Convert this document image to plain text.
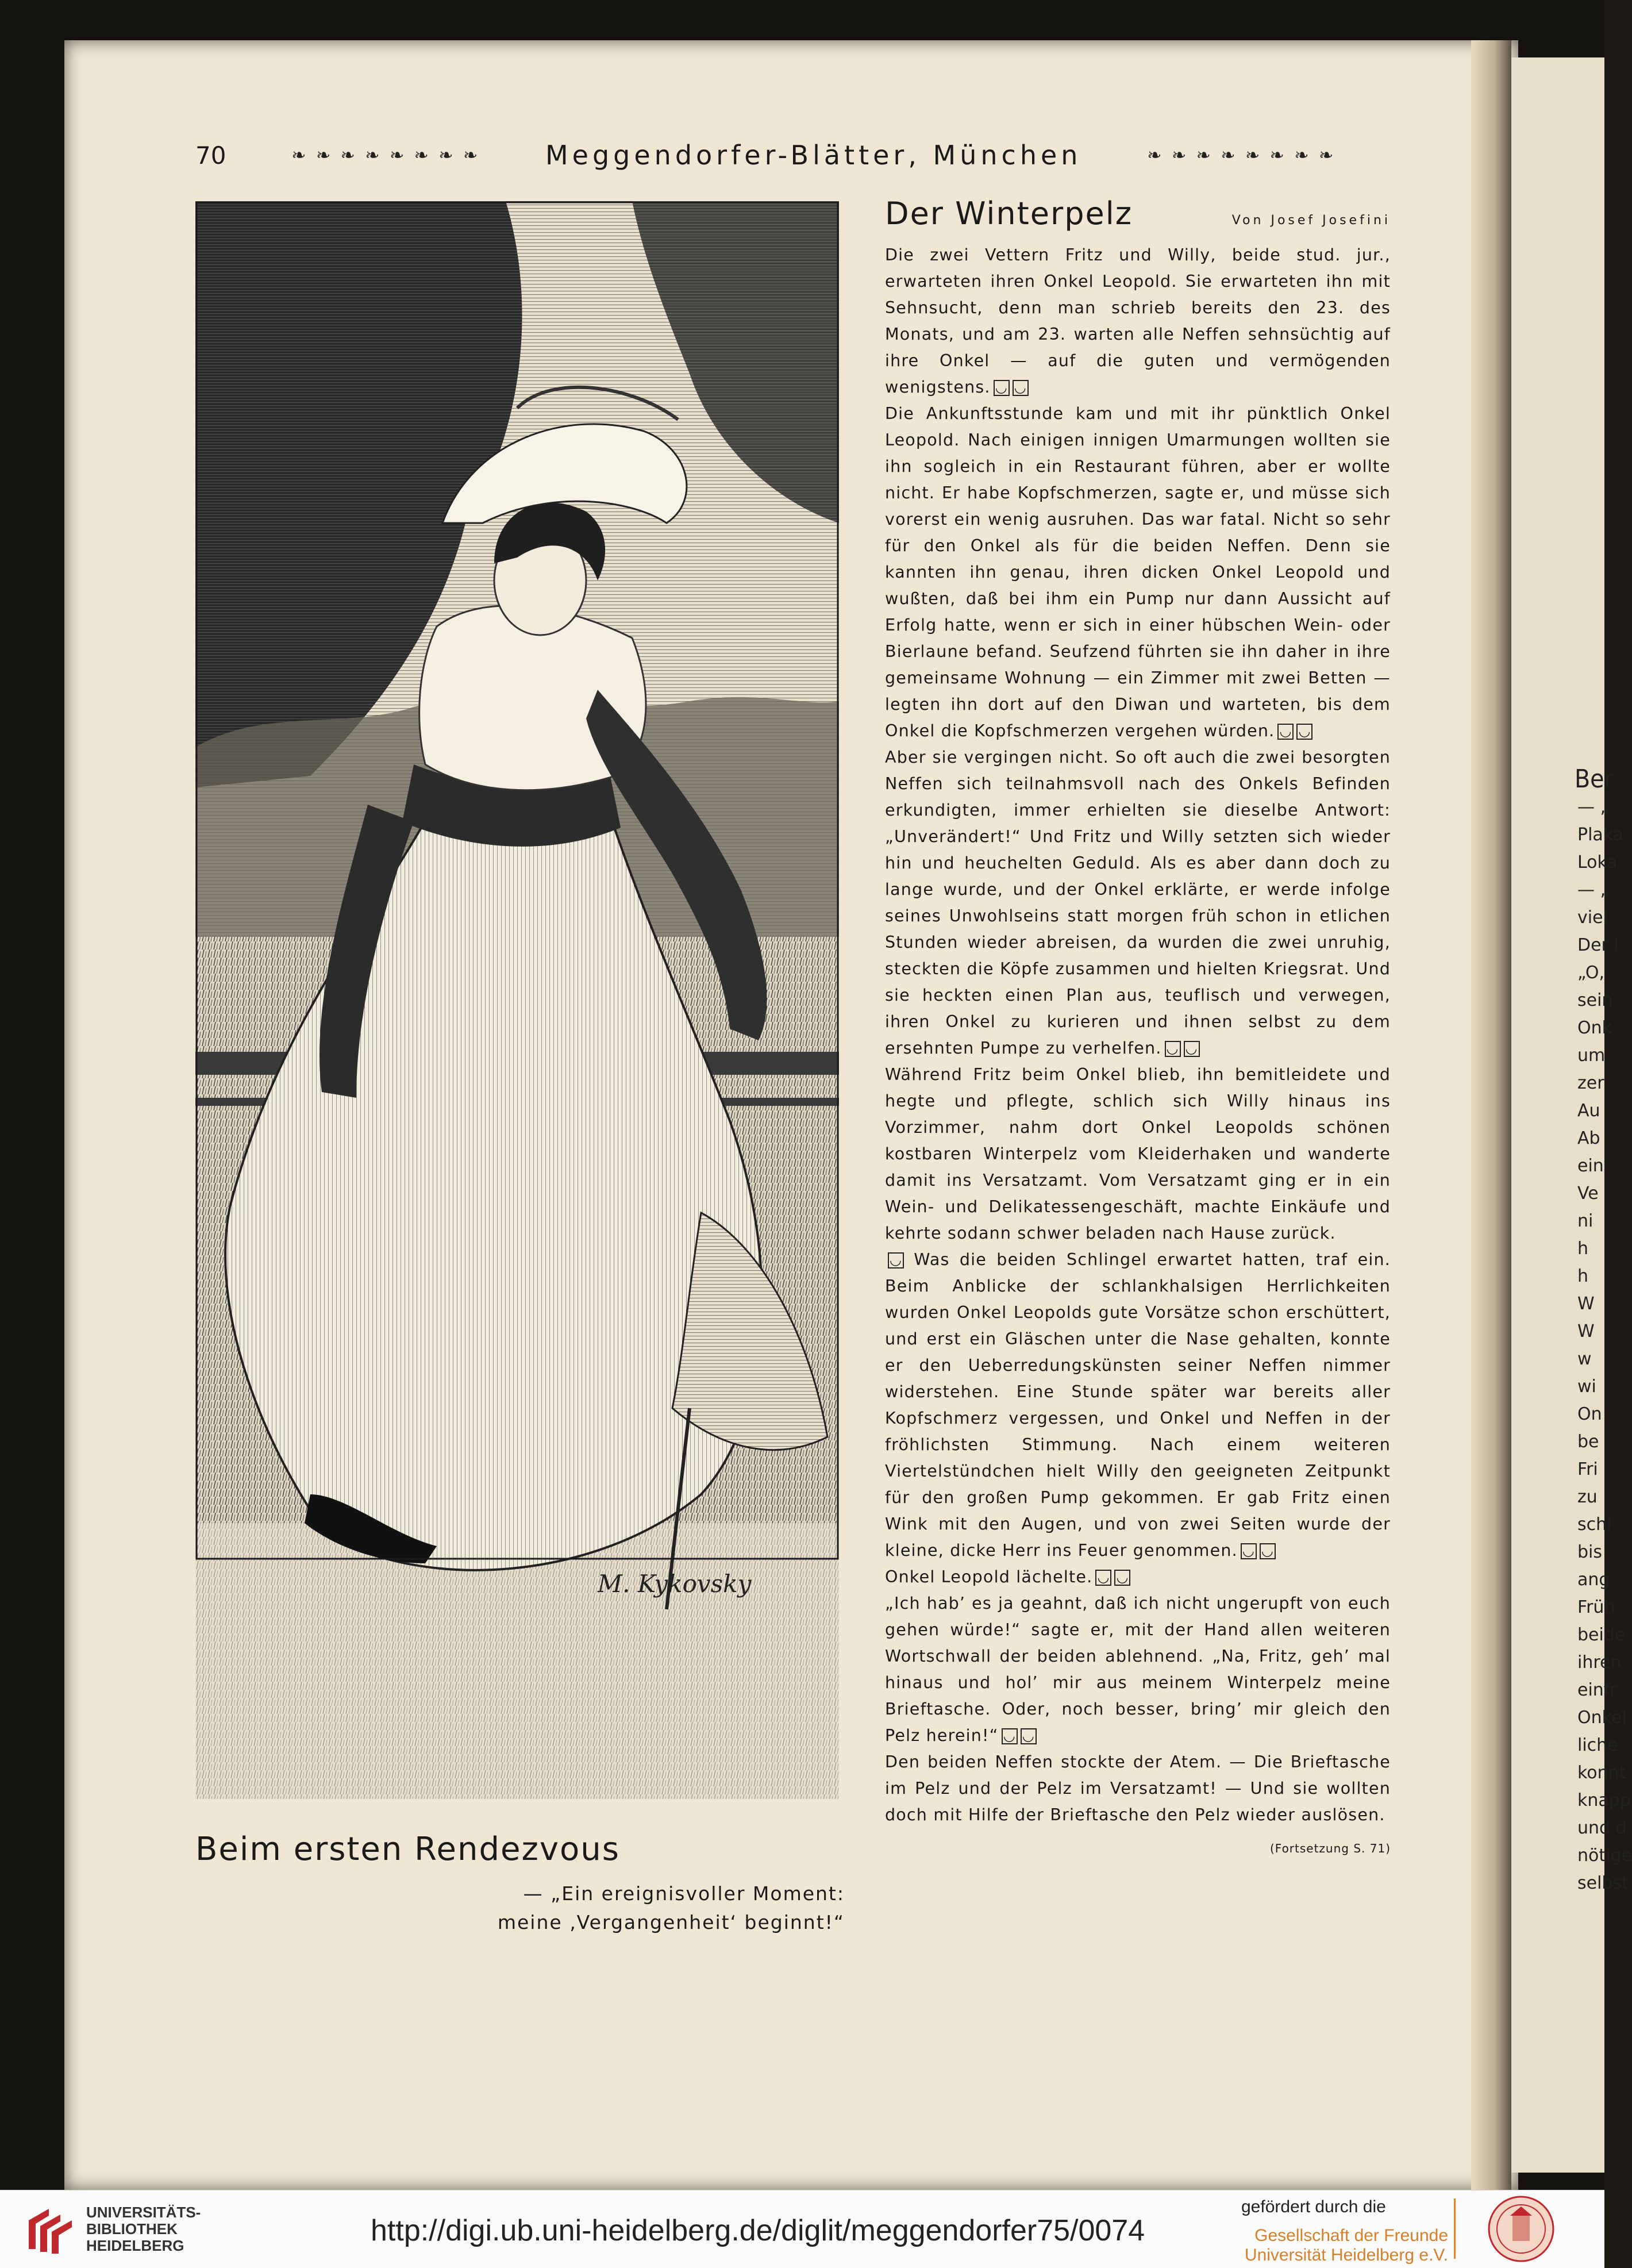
Ber
— „
Plaka
Loka
— „
viel
Der l
„O,
sein
Onk
um
zer
Au
Ab
ein
Ve
ni
h
h
W
W
w
wi
On
be
Fri
zu
schl
bis
ang
Früh
beide
ihren
einfr
Onkel
liche
konnt
knapp
und d
nötige
selbst
70	❧ ❧ ❧ ❧ ❧ ❧ ❧ ❧	Meggendorfer-Blätter, München	❧ ❧ ❧ ❧ ❧ ❧ ❧ ❧
M. Kykovsky
Beim ersten Rendezvous
— „Ein ereignisvoller Moment:
meine ‚Vergangenheit‘ beginnt!“
Der Winterpelz	Von Josef Josefini

Die zwei Vettern Fritz und Willy, beide stud. jur., erwarteten ihren Onkel Leopold. Sie erwarteten ihn mit Sehnsucht, denn man schrieb bereits den 23. des Monats, und am 23. warten alle Neffen sehnsüchtig auf ihre Onkel — auf die guten und vermögenden wenigstens. ◡ ◡

Die Ankunftsstunde kam und mit ihr pünktlich Onkel Leopold. Nach einigen innigen Umarmungen wollten sie ihn sogleich in ein Restaurant führen, aber er wollte nicht. Er habe Kopfschmerzen, sagte er, und müsse sich vorerst ein wenig ausruhen. Das war fatal. Nicht so sehr für den Onkel als für die beiden Neffen. Denn sie kannten ihn genau, ihren dicken Onkel Leopold und wußten, daß bei ihm ein Pump nur dann Aussicht auf Erfolg hatte, wenn er sich in einer hübschen Wein- oder Bierlaune befand. Seufzend führten sie ihn daher in ihre gemeinsame Wohnung — ein Zimmer mit zwei Betten — legten ihn dort auf den Diwan und warteten, bis dem Onkel die Kopfschmerzen vergehen würden. ◡ ◡

Aber sie vergingen nicht. So oft auch die zwei besorgten Neffen sich teilnahmsvoll nach des Onkels Befinden erkundigten, immer erhielten sie dieselbe Antwort: „Unverändert!“ Und Fritz und Willy setzten sich wieder hin und heuchelten Geduld. Als es aber dann doch zu lange wurde, und der Onkel erklärte, er werde infolge seines Unwohlseins statt morgen früh schon in etlichen Stunden wieder abreisen, da wurden die zwei unruhig, steckten die Köpfe zusammen und hielten Kriegsrat. Und sie heckten einen Plan aus, teuflisch und verwegen, ihren Onkel zu kurieren und ihnen selbst zu dem ersehnten Pumpe zu verhelfen. ◡ ◡

Während Fritz beim Onkel blieb, ihn bemitleidete und hegte und pflegte, schlich sich Willy hinaus ins Vorzimmer, nahm dort Onkel Leopolds schönen kostbaren Winterpelz vom Kleiderhaken und wanderte damit ins Versatzamt. Vom Versatzamt ging er in ein Wein- und Delikatessengeschäft, machte Einkäufe und kehrte sodann schwer beladen nach Hause zurück.

◡ Was die beiden Schlingel erwartet hatten, traf ein. Beim Anblicke der schlankhalsigen Herrlichkeiten wurden Onkel Leopolds gute Vorsätze schon erschüttert, und erst ein Gläschen unter die Nase gehalten, konnte er den Ueberredungskünsten seiner Neffen nimmer widerstehen. Eine Stunde später war bereits aller Kopfschmerz vergessen, und Onkel und Neffen in der fröhlichsten Stimmung. Nach einem weiteren Viertelstündchen hielt Willy den geeigneten Zeitpunkt für den großen Pump gekommen. Er gab Fritz einen Wink mit den Augen, und von zwei Seiten wurde der kleine, dicke Herr ins Feuer genommen. ◡ ◡

Onkel Leopold lächelte. ◡ ◡

„Ich hab’ es ja geahnt, daß ich nicht ungerupft von euch gehen würde!“ sagte er, mit der Hand allen weiteren Wortschwall der beiden ablehnend. „Na, Fritz, geh’ mal hinaus und hol’ mir aus meinem Winterpelz meine Brieftasche. Oder, noch besser, bring’ mir gleich den Pelz herein!“ ◡ ◡

Den beiden Neffen stockte der Atem. — Die Brieftasche im Pelz und der Pelz im Versatzamt! — Und sie wollten doch mit Hilfe der Brieftasche den Pelz wieder auslösen.
(Fortsetzung S. 71)

UNIVERSITÄTS-
BIBLIOTHEK
HEIDELBERG	http://digi.ub.uni-heidelberg.de/diglit/meggendorfer75/0074
gefördert durch die
Gesellschaft der Freunde
Universität Heidelberg e.V.
